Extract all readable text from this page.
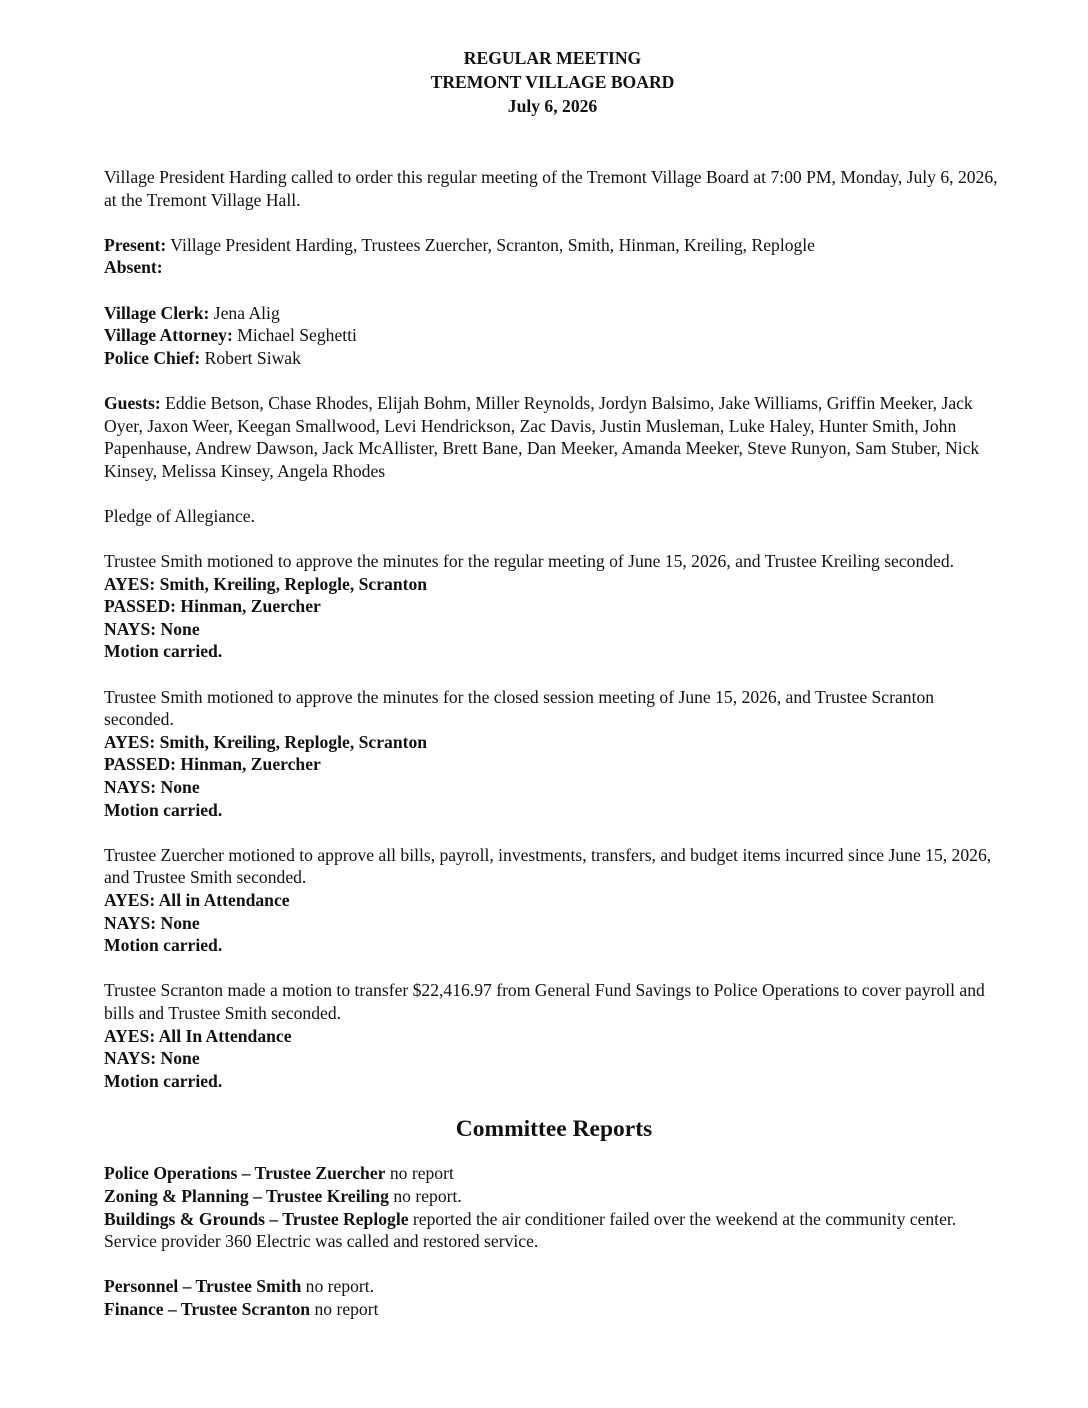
REGULAR MEETING
TREMONT VILLAGE BOARD
July 6, 2026

Village President Harding called to order this regular meeting of the Tremont Village Board at 7:00 PM, Monday, July 6, 2026, at the Tremont Village Hall.

Present: Village President Harding, Trustees Zuercher, Scranton, Smith, Hinman, Kreiling, Replogle
Absent:

Village Clerk: Jena Alig
Village Attorney: Michael Seghetti
Police Chief: Robert Siwak

Guests: Eddie Betson, Chase Rhodes, Elijah Bohm, Miller Reynolds, Jordyn Balsimo, Jake Williams, Griffin Meeker, Jack Oyer, Jaxon Weer, Keegan Smallwood, Levi Hendrickson, Zac Davis, Justin Musleman, Luke Haley, Hunter Smith, John Papenhause, Andrew Dawson, Jack McAllister, Brett Bane, Dan Meeker, Amanda Meeker, Steve Runyon, Sam Stuber, Nick Kinsey, Melissa Kinsey, Angela Rhodes

Pledge of Allegiance.

Trustee Smith motioned to approve the minutes for the regular meeting of June 15, 2026, and Trustee Kreiling seconded.

AYES: Smith, Kreiling, Replogle, Scranton

PASSED: Hinman, Zuercher

NAYS: None

Motion carried.

Trustee Smith motioned to approve the minutes for the closed session meeting of June 15, 2026, and Trustee Scranton seconded.

AYES: Smith, Kreiling, Replogle, Scranton

PASSED: Hinman, Zuercher

NAYS: None

Motion carried.

Trustee Zuercher motioned to approve all bills, payroll, investments, transfers, and budget items incurred since June 15, 2026, and Trustee Smith seconded.

AYES: All in Attendance

NAYS: None

Motion carried.

Trustee Scranton made a motion to transfer $22,416.97 from General Fund Savings to Police Operations to cover payroll and bills and Trustee Smith seconded.

AYES: All In Attendance

NAYS: None

Motion carried.

Committee Reports

Police Operations – Trustee Zuercher no report

Zoning & Planning – Trustee Kreiling no report.

Buildings & Grounds – Trustee Replogle reported the air conditioner failed over the weekend at the community center. Service provider 360 Electric was called and restored service.

Personnel – Trustee Smith no report.

Finance – Trustee Scranton no report
